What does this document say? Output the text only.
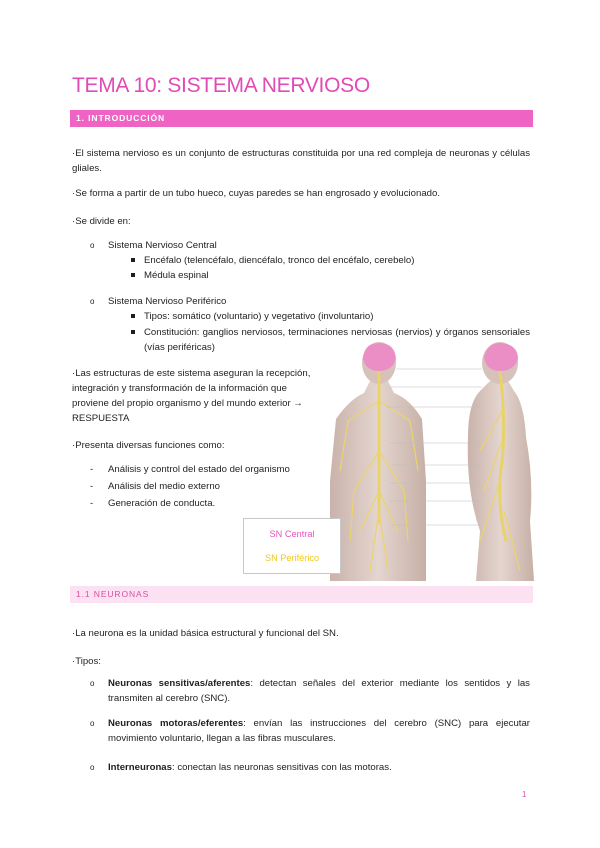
TEMA 10: SISTEMA NERVIOSO
1. INTRODUCCIÓN

·El sistema nervioso es un conjunto de estructuras constituida por una red compleja de neuronas y células gliales.

·Se forma a partir de un tubo hueco, cuyas paredes se han engrosado y evolucionado.

·Se divide en:

o Sistema Nervioso Central
Encéfalo (telencéfalo, diencéfalo, tronco del encéfalo, cerebelo)
Médula espinal
o Sistema Nervioso Periférico
Tipos: somático (voluntario) y vegetativo (involuntario)
Constitución: ganglios nerviosos, terminaciones nerviosas (nervios) y órganos sensoriales (vías periféricas)

·Las estructuras de este sistema aseguran la recepción,

integración y transformación de la información que

proviene del propio organismo y del mundo exterior →

RESPUESTA

·Presenta diversas funciones como:

- Análisis y control del estado del organismo
- Análisis del medio externo
- Generación de conducta.
SN Central
SN Periférico
1.1 NEURONAS

·La neurona es la unidad básica estructural y funcional del SN.

·Tipos:

o Neuronas sensitivas/aferentes: detectan señales del exterior mediante los sentidos y las transmiten al cerebro (SNC).
o Neuronas motoras/eferentes: envían las instrucciones del cerebro (SNC) para ejecutar movimiento voluntario, llegan a las fibras musculares.
o Interneuronas: conectan las neuronas sensitivas con las motoras.
1
